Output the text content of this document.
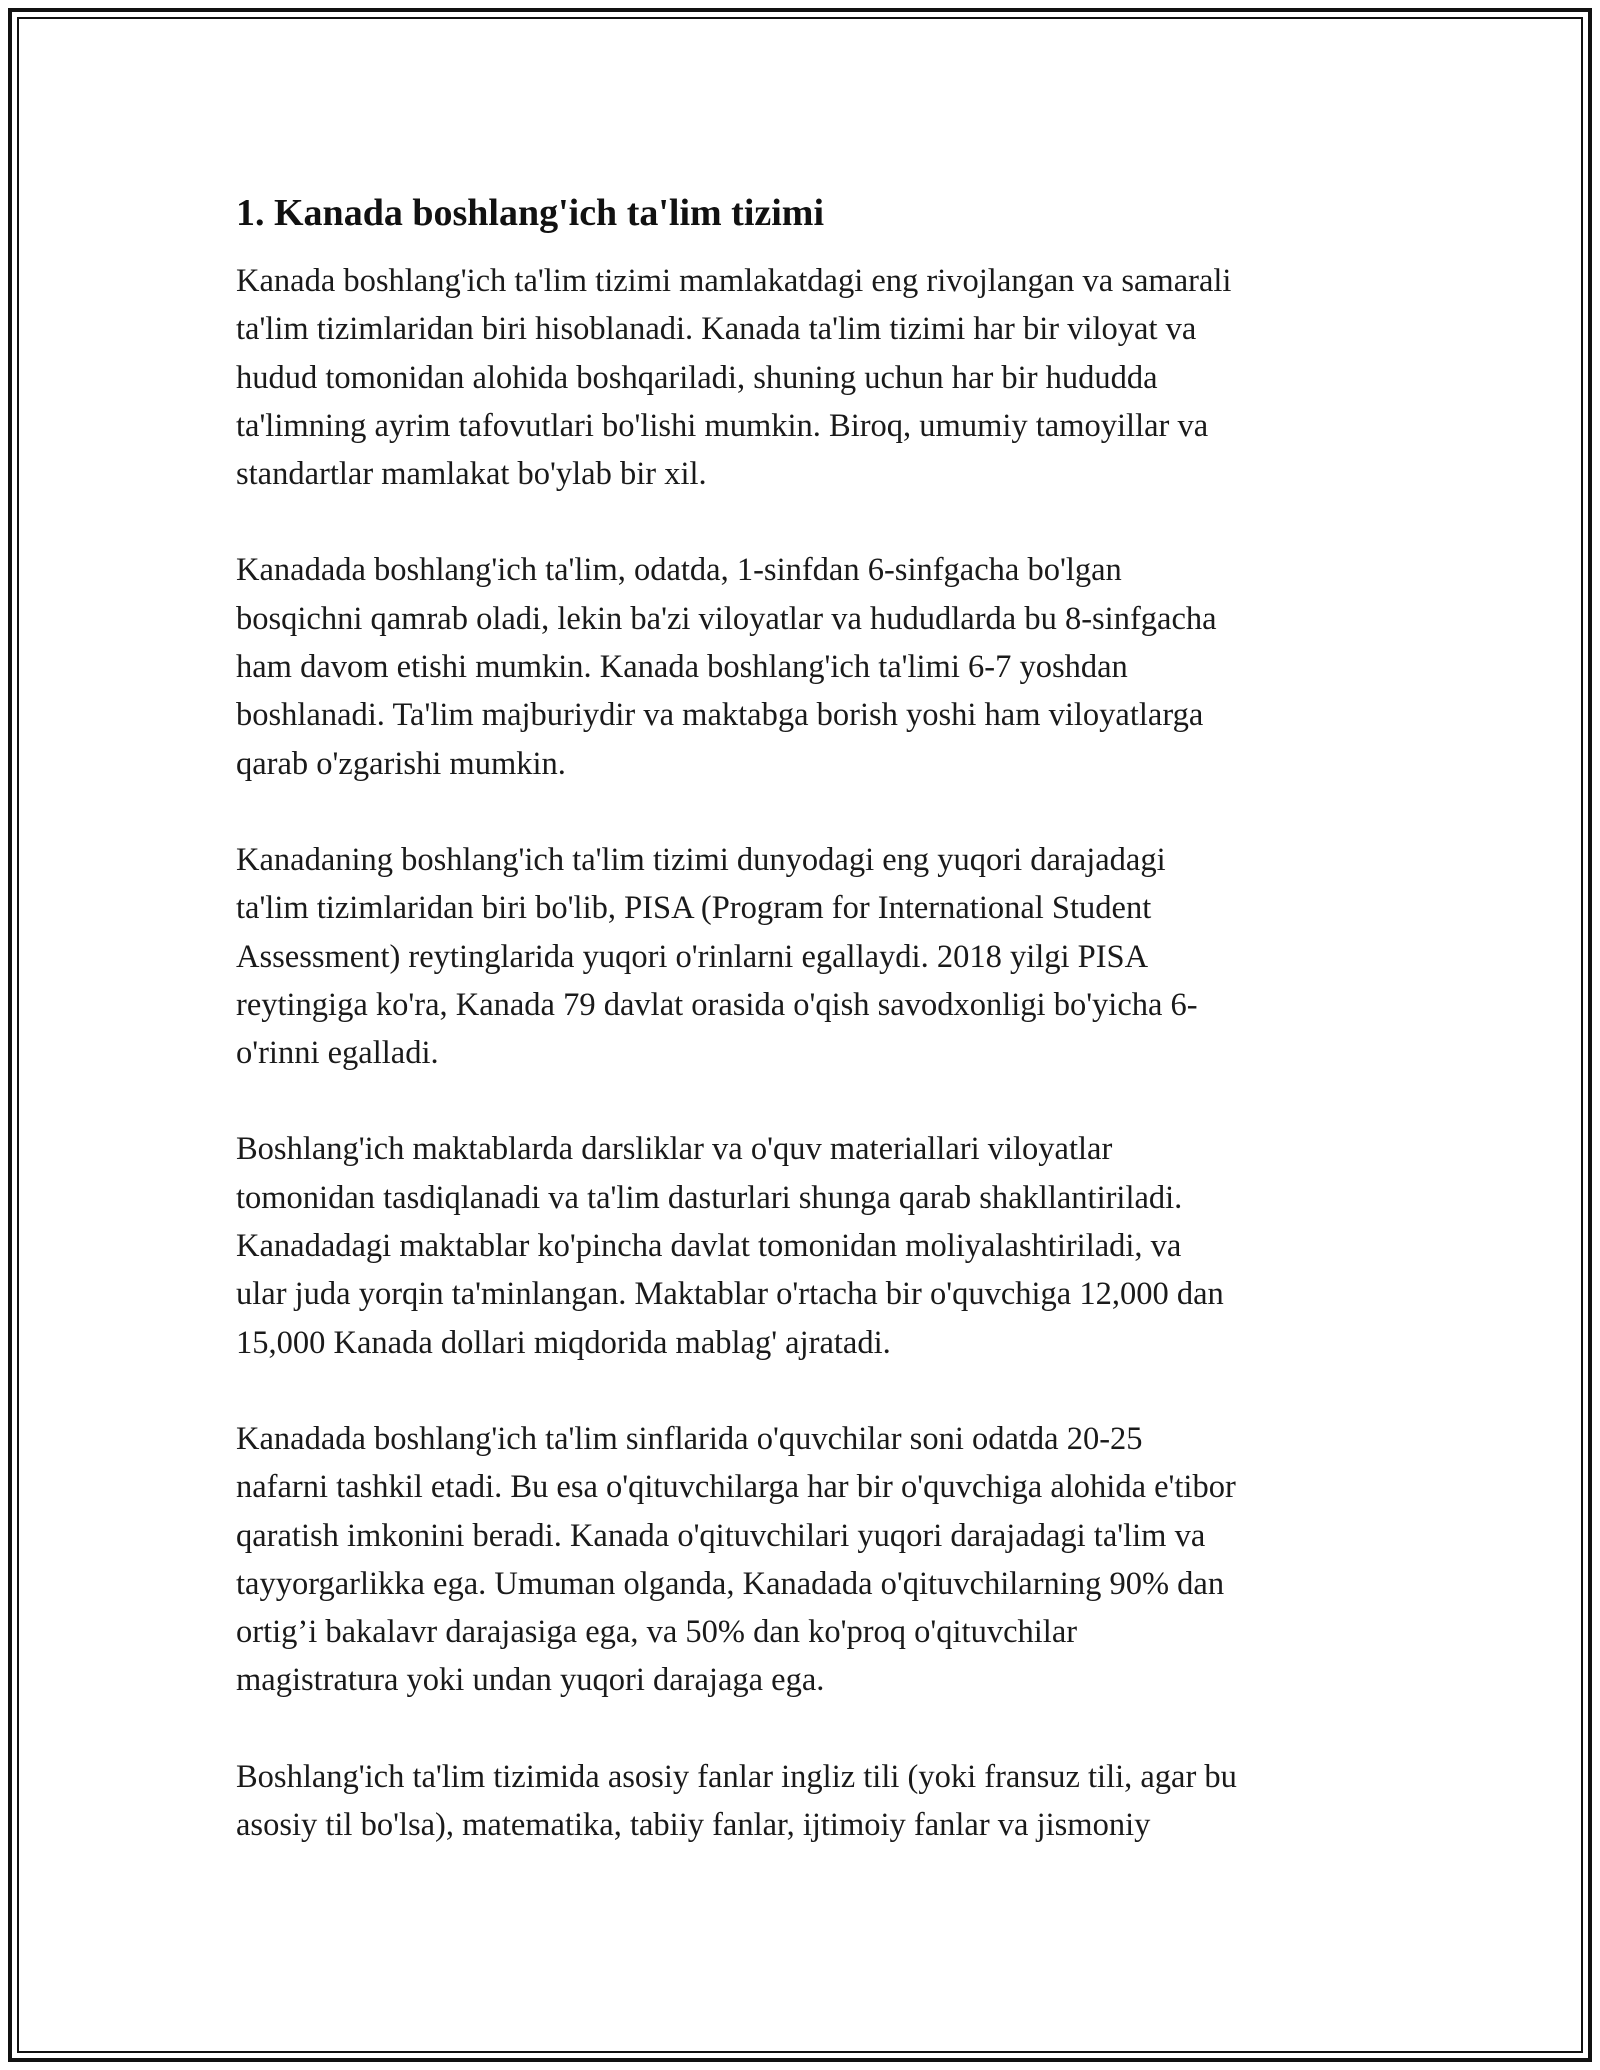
1. Kanada boshlang'ich ta'lim tizimi

Kanada boshlang'ich ta'lim tizimi mamlakatdagi eng rivojlangan va samarali
ta'lim tizimlaridan biri hisoblanadi. Kanada ta'lim tizimi har bir viloyat va
hudud tomonidan alohida boshqariladi, shuning uchun har bir hududda
ta'limning ayrim tafovutlari bo'lishi mumkin. Biroq, umumiy tamoyillar va
standartlar mamlakat bo'ylab bir xil.

Kanadada boshlang'ich ta'lim, odatda, 1-sinfdan 6-sinfgacha bo'lgan
bosqichni qamrab oladi, lekin ba'zi viloyatlar va hududlarda bu 8-sinfgacha
ham davom etishi mumkin. Kanada boshlang'ich ta'limi 6-7 yoshdan
boshlanadi. Ta'lim majburiydir va maktabga borish yoshi ham viloyatlarga
qarab o'zgarishi mumkin.

Kanadaning boshlang'ich ta'lim tizimi dunyodagi eng yuqori darajadagi
ta'lim tizimlaridan biri bo'lib, PISA (Program for International Student
Assessment) reytinglarida yuqori o'rinlarni egallaydi. 2018 yilgi PISA
reytingiga ko'ra, Kanada 79 davlat orasida o'qish savodxonligi bo'yicha 6-
o'rinni egalladi.

Boshlang'ich maktablarda darsliklar va o'quv materiallari viloyatlar
tomonidan tasdiqlanadi va ta'lim dasturlari shunga qarab shakllantiriladi.
Kanadadagi maktablar ko'pincha davlat tomonidan moliyalashtiriladi, va
ular juda yorqin ta'minlangan. Maktablar o'rtacha bir o'quvchiga 12,000 dan
15,000 Kanada dollari miqdorida mablag' ajratadi.

Kanadada boshlang'ich ta'lim sinflarida o'quvchilar soni odatda 20-25
nafarni tashkil etadi. Bu esa o'qituvchilarga har bir o'quvchiga alohida e'tibor
qaratish imkonini beradi. Kanada o'qituvchilari yuqori darajadagi ta'lim va
tayyorgarlikka ega. Umuman olganda, Kanadada o'qituvchilarning 90% dan
ortig’i bakalavr darajasiga ega, va 50% dan ko'proq o'qituvchilar
magistratura yoki undan yuqori darajaga ega.

Boshlang'ich ta'lim tizimida asosiy fanlar ingliz tili (yoki fransuz tili, agar bu
asosiy til bo'lsa), matematika, tabiiy fanlar, ijtimoiy fanlar va jismoniy
